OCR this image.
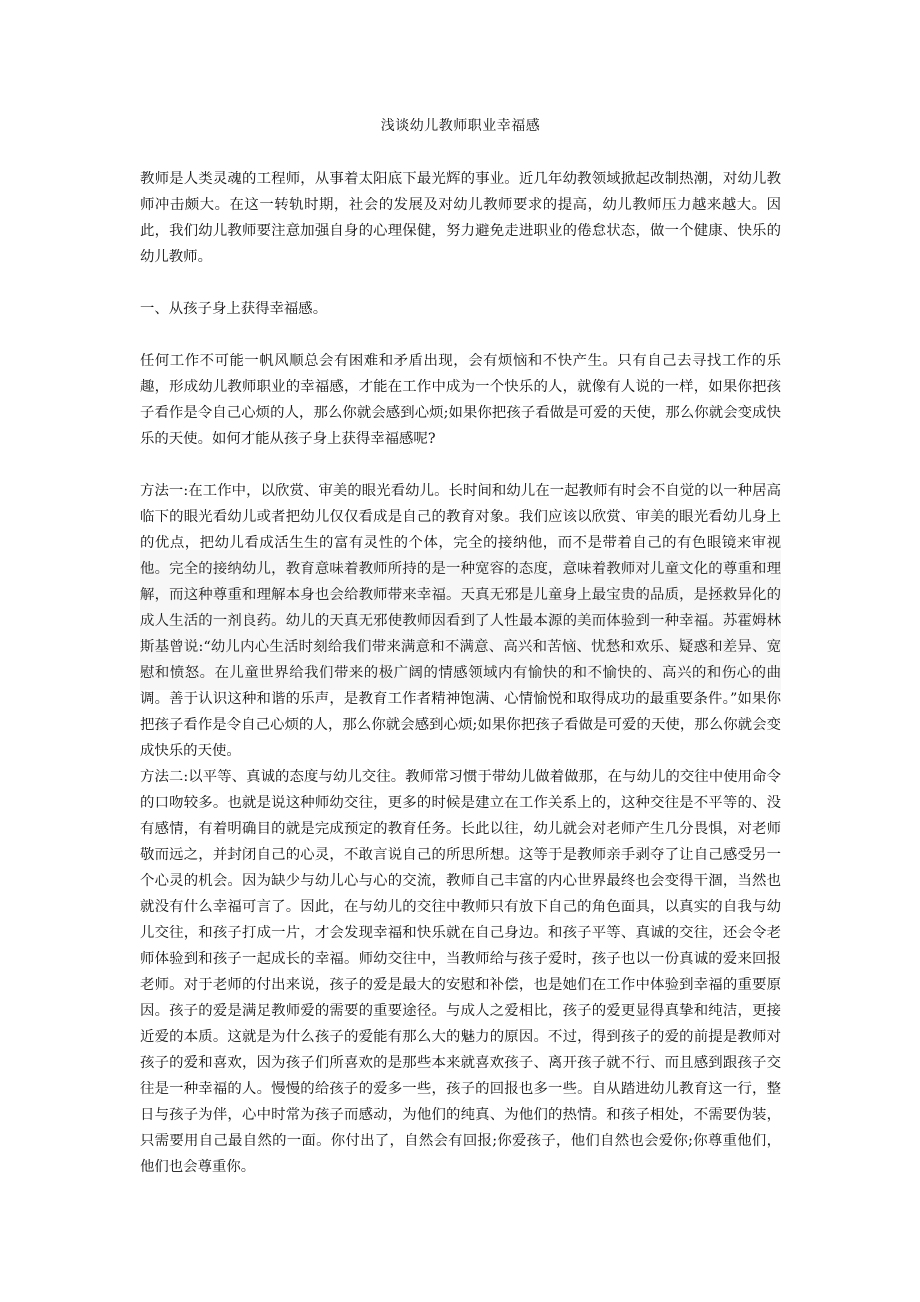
浅谈幼儿教师职业幸福感

教师是人类灵魂的工程师，从事着太阳底下最光辉的事业。近几年幼教领域掀起改制热潮，对幼儿教师冲击颇大。在这一转轨时期，社会的发展及对幼儿教师要求的提高，幼儿教师压力越来越大。因此，我们幼儿教师要注意加强自身的心理保健，努力避免走进职业的倦怠状态，做一个健康、快乐的幼儿教师。

一、从孩子身上获得幸福感。

任何工作不可能一帆风顺总会有困难和矛盾出现，会有烦恼和不快产生。只有自己去寻找工作的乐趣，形成幼儿教师职业的幸福感，才能在工作中成为一个快乐的人，就像有人说的一样，如果你把孩子看作是令自己心烦的人，那么你就会感到心烦;如果你把孩子看做是可爱的天使，那么你就会变成快乐的天使。如何才能从孩子身上获得幸福感呢?

方法一:在工作中，以欣赏、审美的眼光看幼儿。长时间和幼儿在一起教师有时会不自觉的以一种居高临下的眼光看幼儿或者把幼儿仅仅看成是自己的教育对象。我们应该以欣赏、审美的眼光看幼儿身上的优点，把幼儿看成活生生的富有灵性的个体，完全的接纳他，而不是带着自己的有色眼镜来审视他。完全的接纳幼儿，教育意味着教师所持的是一种宽容的态度，意味着教师对儿童文化的尊重和理解，而这种尊重和理解本身也会给教师带来幸福。天真无邪是儿童身上最宝贵的品质，是拯救异化的成人生活的一剂良药。幼儿的天真无邪使教师因看到了人性最本源的美而体验到一种幸福。苏霍姆林斯基曾说:“幼儿内心生活时刻给我们带来满意和不满意、高兴和苦恼、忧愁和欢乐、疑惑和差异、宽慰和愤怒。在儿童世界给我们带来的极广阔的情感领域内有愉快的和不愉快的、高兴的和伤心的曲调。善于认识这种和谐的乐声，是教育工作者精神饱满、心情愉悦和取得成功的最重要条件。”如果你把孩子看作是令自己心烦的人，那么你就会感到心烦;如果你把孩子看做是可爱的天使，那么你就会变成快乐的天使。

方法二:以平等、真诚的态度与幼儿交往。教师常习惯于带幼儿做着做那，在与幼儿的交往中使用命令的口吻较多。也就是说这种师幼交往，更多的时候是建立在工作关系上的，这种交往是不平等的、没有感情，有着明确目的就是完成预定的教育任务。长此以往，幼儿就会对老师产生几分畏惧，对老师敬而远之，并封闭自己的心灵，不敢言说自己的所思所想。这等于是教师亲手剥夺了让自己感受另一个心灵的机会。因为缺少与幼儿心与心的交流，教师自己丰富的内心世界最终也会变得干涸，当然也就没有什么幸福可言了。因此，在与幼儿的交往中教师只有放下自己的角色面具，以真实的自我与幼儿交往，和孩子打成一片，才会发现幸福和快乐就在自己身边。和孩子平等、真诚的交往，还会令老师体验到和孩子一起成长的幸福。师幼交往中，当教师给与孩子爱时，孩子也以一份真诚的爱来回报老师。对于老师的付出来说，孩子的爱是最大的安慰和补偿，也是她们在工作中体验到幸福的重要原因。孩子的爱是满足教师爱的需要的重要途径。与成人之爱相比，孩子的爱更显得真挚和纯洁，更接近爱的本质。这就是为什么孩子的爱能有那么大的魅力的原因。不过，得到孩子的爱的前提是教师对孩子的爱和喜欢，因为孩子们所喜欢的是那些本来就喜欢孩子、离开孩子就不行、而且感到跟孩子交往是一种幸福的人。慢慢的给孩子的爱多一些，孩子的回报也多一些。自从踏进幼儿教育这一行，整日与孩子为伴，心中时常为孩子而感动，为他们的纯真、为他们的热情。和孩子相处，不需要伪装，只需要用自己最自然的一面。你付出了，自然会有回报;你爱孩子，他们自然也会爱你;你尊重他们，他们也会尊重你。
